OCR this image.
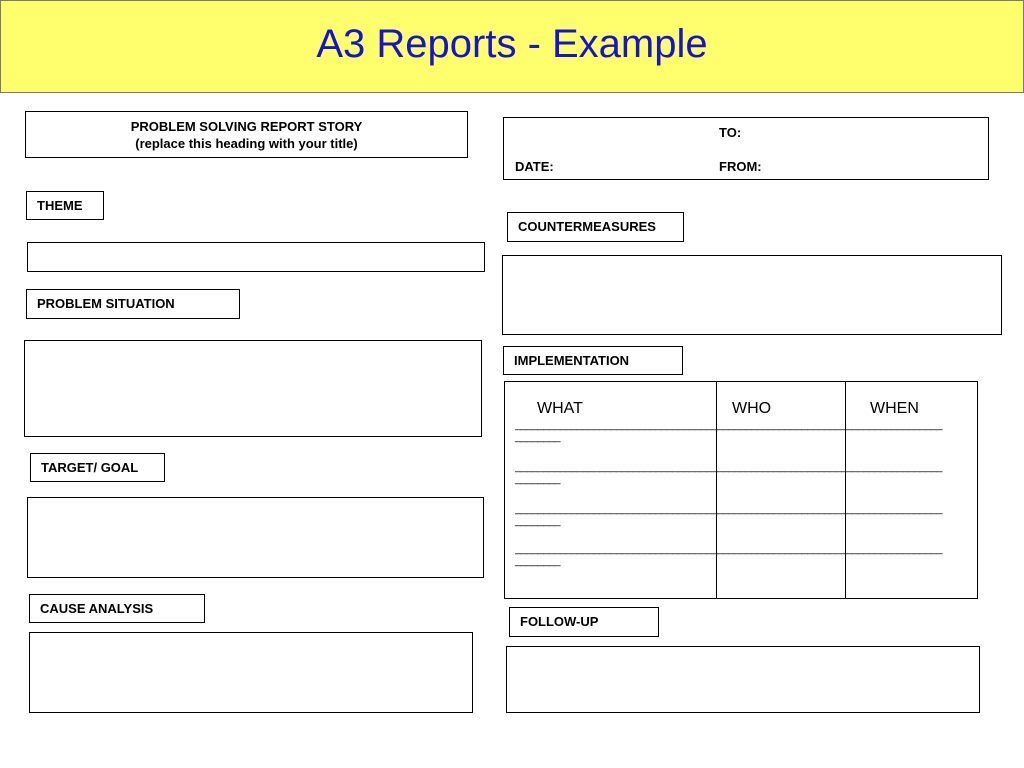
A3 Reports - Example
PROBLEM SOLVING REPORT STORY
(replace this heading with your title)
THEME
PROBLEM SITUATION
TARGET/ GOAL
CAUSE ANALYSIS
TO:
DATE:	FROM:
COUNTERMEASURES
IMPLEMENTATION
WHAT	WHO	WHEN
____________________________________________________________________________
________
____________________________________________________________________________
________
____________________________________________________________________________
________
____________________________________________________________________________
________
FOLLOW-UP
